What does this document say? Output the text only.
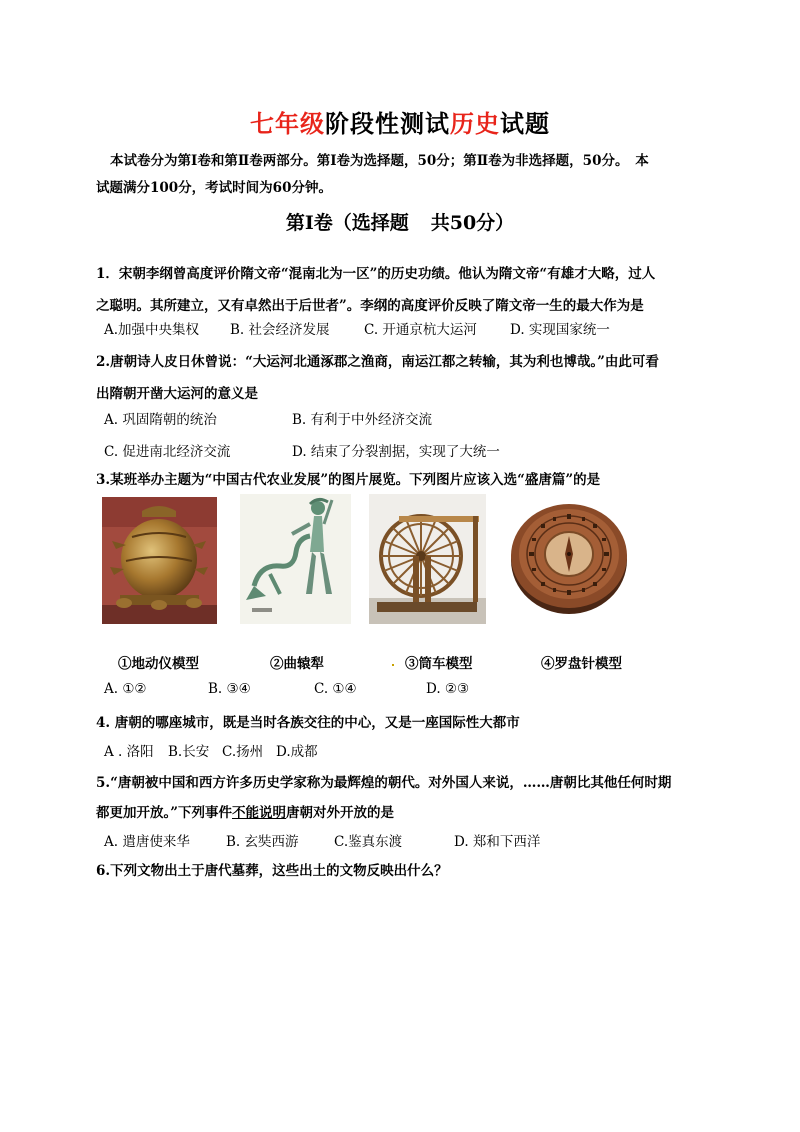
七年级阶段性测试历史试题
本试卷分为第Ⅰ卷和第Ⅱ卷两部分。第Ⅰ卷为选择题，50分；第Ⅱ卷为非选择题，50分。　本
试题满分100分，考试时间为60分钟。
第Ⅰ卷（选择题 共50分）
1．宋朝李纲曾高度评价隋文帝“混南北为一区”的历史功绩。他认为隋文帝“有雄才大略，过人
之聪明。其所建立，又有卓然出于后世者”。李纲的高度评价反映了隋文帝一生的最大作为是
A.加强中央集权 B. 社会经济发展	C. 开通京杭大运河 D. 实现国家统一
2.唐朝诗人皮日休曾说：“大运河北通涿郡之渔商，南运江都之转输，其为利也博哉。”由此可看
出隋朝开凿大运河的意义是
A. 巩固隋朝的统治	B. 有利于中外经济交流
C. 促进南北经济交流	D. 结束了分裂割据，实现了大统一
3.某班举办主题为“中国古代农业发展”的图片展览。下列图片应该入选“盛唐篇”的是
①地动仪模型	②曲辕犁	③筒车模型	④罗盘针模型
A. ①②	B. ③④	C. ①④	D. ②③
4. 唐朝的哪座城市，既是当时各族交往的中心，又是一座国际性大都市
A . 洛阳 B.长安 C.扬州 D.成都
5.“唐朝被中国和西方许多历史学家称为最辉煌的朝代。对外国人来说，……唐朝比其他任何时期
都更加开放。”下列事件不能说明唐朝对外开放的是
A. 遣唐使来华	B. 玄奘西游	C.鉴真东渡	D. 郑和下西洋
6.下列文物出土于唐代墓葬，这些出土的文物反映出什么？
